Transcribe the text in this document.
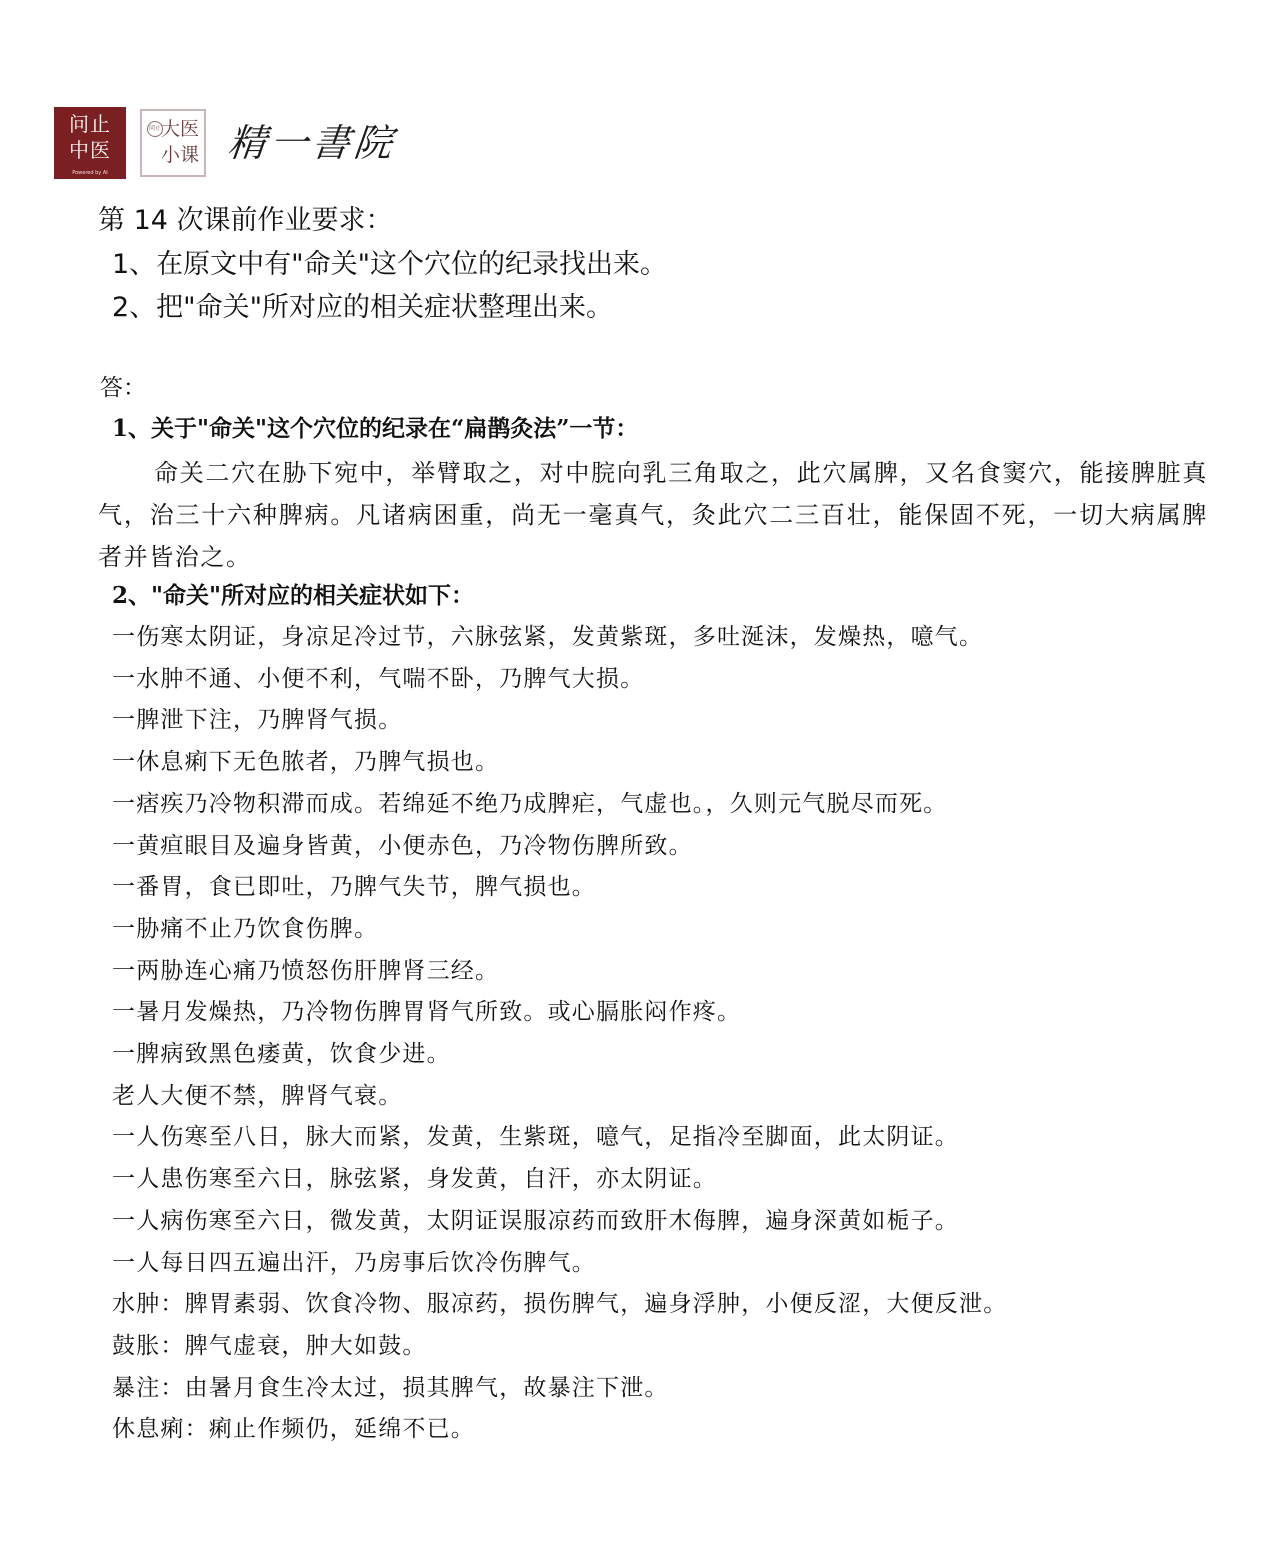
问止
中医
Powered by AI
问止 大医
小课 精一書院
第 14 次课前作业要求：
1、在原文中有"命关"这个穴位的纪录找出来。
2、把"命关"所对应的相关症状整理出来。
答：
1、关于"命关"这个穴位的纪录在“扁鹊灸法”一节：
命关二穴在胁下宛中，举臂取之，对中脘向乳三角取之，此穴属脾，又名食窦穴，能接脾脏真气，治三十六种脾病。凡诸病困重，尚无一毫真气，灸此穴二三百壮，能保固不死，一切大病属脾者并皆治之。
2、"命关"所对应的相关症状如下：
一伤寒太阴证，身凉足冷过节，六脉弦紧，发黄紫斑，多吐涎沫，发燥热，噫气。
一水肿不通、小便不利，气喘不卧，乃脾气大损。
一脾泄下注，乃脾肾气损。
一休息痢下无色脓者，乃脾气损也。
一痞疾乃冷物积滞而成。若绵延不绝乃成脾疟，气虚也。，久则元气脱尽而死。
一黄疸眼目及遍身皆黄，小便赤色，乃冷物伤脾所致。
一番胃，食已即吐，乃脾气失节，脾气损也。
一胁痛不止乃饮食伤脾。
一两胁连心痛乃愤怒伤肝脾肾三经。
一暑月发燥热，乃冷物伤脾胃肾气所致。或心膈胀闷作疼。
一脾病致黑色痿黄，饮食少进。
老人大便不禁，脾肾气衰。
一人伤寒至八日，脉大而紧，发黄，生紫斑，噫气，足指冷至脚面，此太阴证。
一人患伤寒至六日，脉弦紧，身发黄，自汗，亦太阴证。
一人病伤寒至六日，微发黄，太阴证误服凉药而致肝木侮脾，遍身深黄如栀子。
一人每日四五遍出汗，乃房事后饮冷伤脾气。
水肿：脾胃素弱、饮食冷物、服凉药，损伤脾气，遍身浮肿，小便反涩，大便反泄。
鼓胀：脾气虚衰，肿大如鼓。
暴注：由暑月食生冷太过，损其脾气，故暴注下泄。
休息痢：痢止作频仍，延绵不已。
